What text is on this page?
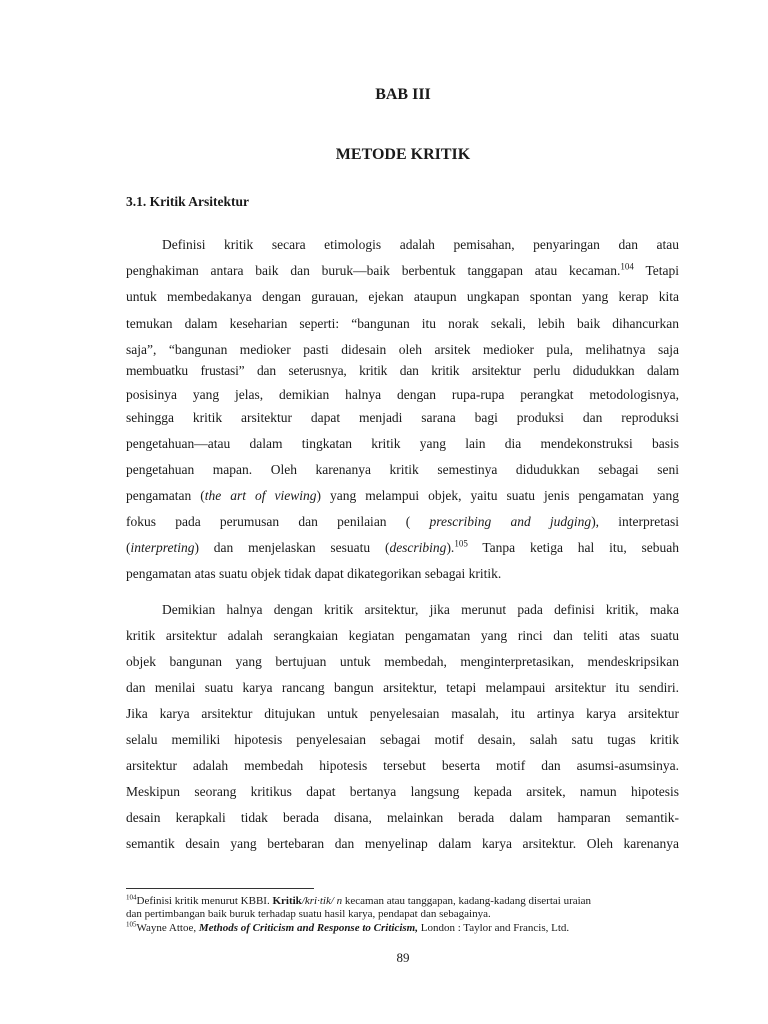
BAB III
METODE KRITIK
3.1. Kritik Arsitektur
Definisi kritik secara etimologis adalah pemisahan, penyaringan dan atau
penghakiman antara baik dan buruk—baik berbentuk tanggapan atau kecaman.$^{104}$ Tetapi
untuk membedakanya dengan gurauan, ejekan ataupun ungkapan spontan yang kerap kita
temukan dalam keseharian seperti: “bangunan itu norak sekali, lebih baik dihancurkan
saja”, “bangunan medioker pasti didesain oleh arsitek medioker pula, melihatnya saja
membuatku frustasi” dan seterusnya, kritik dan kritik arsitektur perlu didudukkan dalam
posisinya yang jelas, demikian halnya dengan rupa-rupa perangkat metodologisnya,
sehingga kritik arsitektur dapat menjadi sarana bagi produksi dan reproduksi
pengetahuan—atau dalam tingkatan kritik yang lain dia mendekonstruksi basis
pengetahuan mapan. Oleh karenanya kritik semestinya didudukkan sebagai seni
pengamatan (the art of viewing) yang melampui objek, yaitu suatu jenis pengamatan yang
fokus pada perumusan dan penilaian ( prescribing and judging), interpretasi
(interpreting) dan menjelaskan sesuatu (describing).$^{105}$ Tanpa ketiga hal itu, sebuah
pengamatan atas suatu objek tidak dapat dikategorikan sebagai kritik.
Demikian halnya dengan kritik arsitektur, jika merunut pada definisi kritik, maka
kritik arsitektur adalah serangkaian kegiatan pengamatan yang rinci dan teliti atas suatu
objek bangunan yang bertujuan untuk membedah, menginterpretasikan, mendeskripsikan
dan menilai suatu karya rancang bangun arsitektur, tetapi melampaui arsitektur itu sendiri.
Jika karya arsitektur ditujukan untuk penyelesaian masalah, itu artinya karya arsitektur
selalu memiliki hipotesis penyelesaian sebagai motif desain, salah satu tugas kritik
arsitektur adalah membedah hipotesis tersebut beserta motif dan asumsi-asumsinya.
Meskipun seorang kritikus dapat bertanya langsung kepada arsitek, namun hipotesis
desain kerapkali tidak berada disana, melainkan berada dalam hamparan semantik-
semantik desain yang bertebaran dan menyelinap dalam karya arsitektur. Oleh karenanya
$^{104}$Definisi kritik menurut KBBI. Kritik/kri·tik/ n kecaman atau tanggapan, kadang-kadang disertai uraian
dan pertimbangan baik buruk terhadap suatu hasil karya, pendapat dan sebagainya.
$^{105}$Wayne Attoe, Methods of Criticism and Response to Criticism, London : Taylor and Francis, Ltd.
89
